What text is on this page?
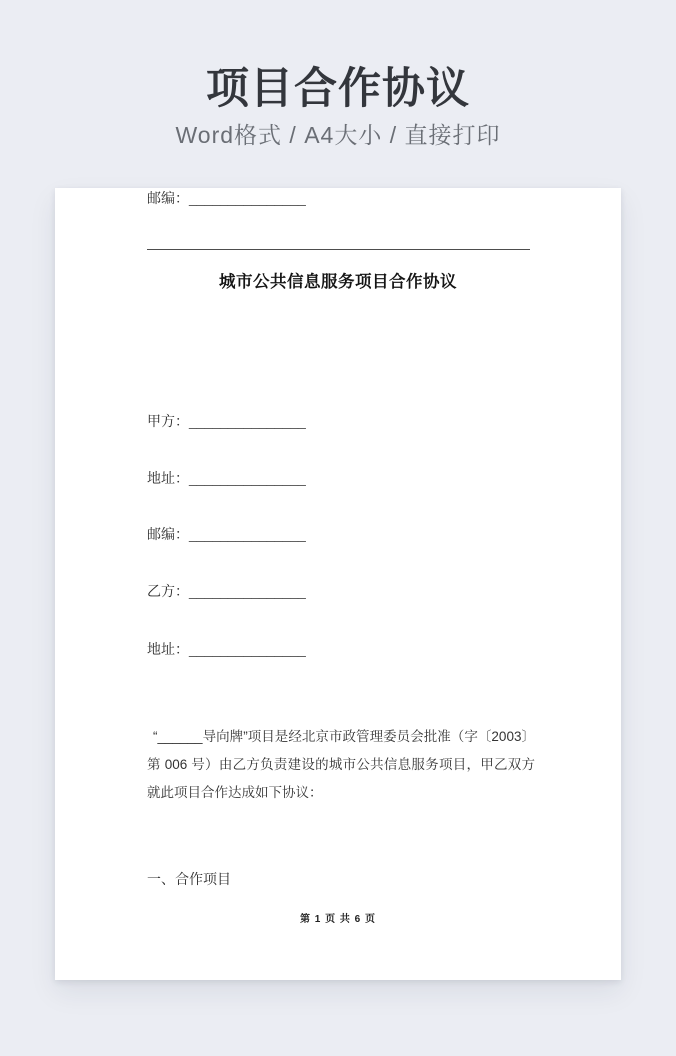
项目合作协议

Word格式 / A4大小 / 直接打印

城市公共信息服务项目合作协议
甲方：_______________
地址：_______________
邮编：_______________
乙方：_______________
地址：_______________
邮编：_______________

“______导向牌”项目是经北京市政管理委员会批准（字〔2003〕第 006 号）由乙方负责建设的城市公共信息服务项目，甲乙双方就此项目合作达成如下协议：

一、合作项目
第 1 页 共 6 页
